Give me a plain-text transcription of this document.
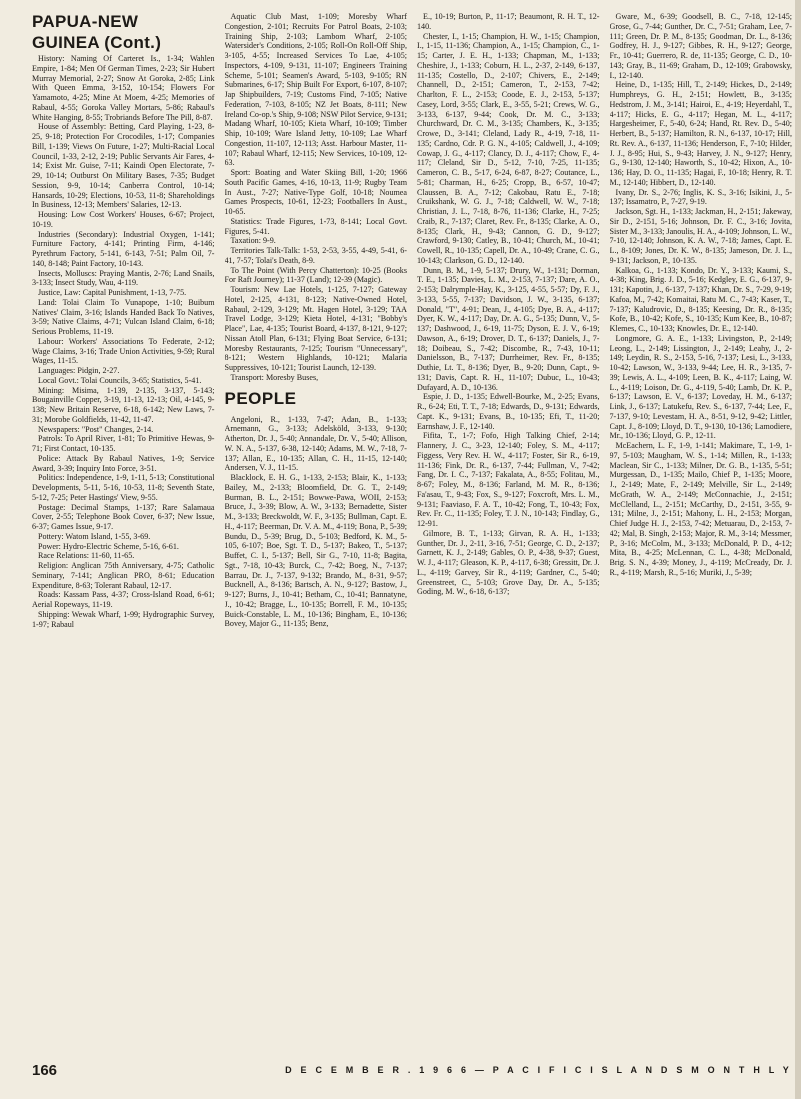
PAPUA-NEW

GUINEA (Cont.)

History: Naming Of Carteret Is., 1-34; Wahlen Empire, 1-84; Men Of German Times, 2-23; Sir Hubert Murray Memorial, 2-27; Snow At Goroka, 2-85; Link With Queen Emma, 3-152, 10-154; Flowers For Yamamoto, 4-25; Mine At Moem, 4-25; Memories of Rabaul, 4-55; Goroka Valley Mortars, 5-86; Rabaul's White Hanging, 8-55; Trobriands Before The Pill, 8-87.

House of Assembly: Betting, Card Playing, 1-23, 8-25, 9-18; Protection For Crocodiles, 1-17; Companies Bill, 1-139; Views On Future, 1-27; Multi-Racial Local Council, 1-33, 2-12, 2-19; Public Servants Air Fares, 4-14; Exist Mr. Guise, 7-11; Kaindi Open Electorate, 7-29, 10-14; Outburst On Military Bases, 7-35; Budget Session, 9-9, 10-14; Canberra Control, 10-14; Hansards, 10-29; Elections, 10-53, 11-8; Shareholdings In Business, 12-13; Members' Salaries, 12-13.

Housing: Low Cost Workers' Houses, 6-67; Project, 10-19.

Industries (Secondary): Industrial Oxygen, 1-141; Furniture Factory, 4-141; Printing Firm, 4-146; Pyrethrum Factory, 5-141, 6-143, 7-51; Palm Oil, 7-140, 8-148; Paint Factory, 10-143.

Insects, Molluscs: Praying Mantis, 2-76; Land Snails, 3-133; Insect Study, Wau, 4-119.

Justice, Law: Capital Punishment, 1-13, 7-75.

Land: Tolai Claim To Vunapope, 1-10; Buibum Natives' Claim, 3-16; Islands Handed Back To Natives, 3-59; Native Claims, 4-71; Vulcan Island Claim, 6-18; Serious Problems, 11-19.

Labour: Workers' Associations To Federate, 2-12; Wage Claims, 3-16; Trade Union Activities, 9-59; Rural Wages, 11-15.

Languages: Pidgin, 2-27.

Local Govt.: Tolai Councils, 3-65; Statistics, 5-41.

Mining: Misima, 1-139, 2-135, 3-137, 5-143; Bougainville Copper, 3-19, 11-13, 12-13; Oil, 4-145, 9-138; New Britain Reserve, 6-18, 6-142; New Laws, 7-31; Morobe Goldfields, 11-42, 11-47.

Newspapers: "Post" Changes, 2-14.

Patrols: To April River, 1-81; To Primitive Hewas, 9-71; First Contact, 10-135.

Police: Attack By Rabaul Natives, 1-9; Service Award, 3-39; Inquiry Into Force, 3-51.

Politics: Independence, 1-9, 1-11, 5-13; Constitutional Developments, 5-11, 5-16, 10-53, 11-8; Seventh State, 5-12, 7-25; Peter Hastings' View, 9-55.

Postage: Decimal Stamps, 1-137; Rare Salamaua Cover, 2-55; Telephone Book Cover, 6-37; New Issue, 6-37; Games Issue, 9-17.

Pottery: Watom Island, 1-55, 3-69.

Power: Hydro-Electric Scheme, 5-16, 6-61.

Race Relations: 11-60, 11-65.

Religion: Anglican 75th Anniversary, 4-75; Catholic Seminary, 7-141; Anglican PRO, 8-61; Education Expenditure, 8-63; Tolerant Rabaul, 12-17.

Roads: Kassam Pass, 4-37; Cross-Island Road, 6-61; Aerial Ropeways, 11-19.

Shipping: Wewak Wharf, 1-99; Hydrographic Survey, 1-97; Rabaul

Aquatic Club Mast, 1-109; Moresby Wharf Congestion, 2-101; Recruits For Patrol Boats, 2-103; Training Ship, 2-103; Lambom Wharf, 2-105; Watersider's Conditions, 2-105; Roll-On Roll-Off Ship, 3-105, 4-55; Increased Services To Lae, 4-105; Inspectors, 4-109, 9-131, 11-107; Engineers Training Scheme, 5-101; Seamen's Award, 5-103, 9-105; RN Submarines, 6-17; Ship Built For Export, 6-107, 8-107; Jap Shipbuilders, 7-19; Customs Find, 7-105; Native Federation, 7-103, 8-105; NZ Jet Boats, 8-111; New Ireland Co-op.'s Ship, 9-108; NSW Pilot Service, 9-131; Madang Wharf, 10-105; Kieta Wharf, 10-109; Timber Ship, 10-109; Ware Island Jetty, 10-109; Lae Wharf Congestion, 11-107, 12-113; Asst. Harbour Master, 11-107; Rabaul Wharf, 12-115; New Services, 10-109, 12-63.

Sport: Boating and Water Skiing Bill, 1-20; 1966 South Pacific Games, 4-16, 10-13, 11-9; Rugby Team In Aust., 7-27; Native-Type Golf, 10-18; Noumea Games Prospects, 10-61, 12-23; Footballers In Aust., 10-65.

Statistics: Trade Figures, 1-73, 8-141; Local Govt. Figures, 5-41.

Taxation: 9-9.

Territories Talk-Talk: 1-53, 2-53, 3-55, 4-49, 5-41, 6-41, 7-57; Tolai's Death, 8-9.

To The Point (With Percy Chatterton): 10-25 (Books For Raft Journey); 11-37 (Land); 12-39 (Magic).

Tourism: New Lae Hotels, 1-125, 7-127; Gateway Hotel, 2-125, 4-131, 8-123; Native-Owned Hotel, Rabaul, 2-129, 3-129; Mt. Hagen Hotel, 3-129; TAA Travel Lodge, 3-129; Kieta Hotel, 4-131; "Bobby's Place", Lae, 4-135; Tourist Board, 4-137, 8-121, 9-127; Nissan Atoll Plan, 6-131; Flying Boat Service, 6-131; Moresby Restaurants, 7-125; Tourism "Unnecessary", 8-121; Western Highlands, 10-121; Malaria Suppressives, 10-121; Tourist Launch, 12-139.

Transport: Moresby Buses,

PEOPLE

Angeloni, R., 1-133, 7-47; Adan, B., 1-133; Arnemann, G., 3-133; Adelsköld, 3-133, 9-130; Atherton, Dr. J., 5-40; Annandale, Dr. V., 5-40; Allison, W. N. A., 5-137, 6-38, 12-140; Adams, M. W., 7-18, 7-137; Allan, E., 10-135; Allan, C. H., 11-15, 12-140; Andersen, V. J., 11-15.

Blacklock, E. H. G., 1-133, 2-153; Blair, K., 1-133; Bailey, M., 2-133; Bloomfield, Dr. G. T., 2-149; Burman, B. L., 2-151; Bowwe-Pawa, WOII, 2-153; Bruce, J., 3-39; Blow, A. W., 3-133; Bernadette, Sister M., 3-133; Breckwoldt, W. F., 3-135; Bullman, Capt. E. H., 4-117; Beerman, Dr. V. A. M., 4-119; Bona, P., 5-39; Bundu, D., 5-39; Brug, D., 5-103; Bedford, K. M., 5-105, 6-107; Boe, Sgt. T. D., 5-137; Bakeo, T., 5-137; Buffet, C. I., 5-137; Bell, Sir G., 7-10, 11-8; Bagita, Sgt., 7-18, 10-43; Burck, C., 7-42; Boeg, N., 7-137; Barrau, Dr. J., 7-137, 9-132; Brando, M., 8-31, 9-57; Bucknell, A., 8-136; Bartsch, A. N., 9-127; Bastow, J., 9-127; Burns, J., 10-41; Betham, C., 10-41; Bannatyne, J., 10-42; Bragge, L., 10-135; Borrell, F. M., 10-135; Buick-Constable, L. M., 10-136; Bingham, E., 10-136; Bovey, Major G., 11-135; Benz,

E., 10-19; Burton, P., 11-17; Beaumont, R. H. T., 12-140.

Chester, I., 1-15; Champion, H. W., 1-15; Champion, I., 1-15, 11-136; Champion, A., 1-15; Champion, C., 1-15; Carter, J. E. H., 1-133; Chapman, M., 1-133; Cheshire, J., 1-133; Coburn, H. L., 2-37, 2-149, 6-137, 11-135; Costello, D., 2-107; Chivers, E., 2-149; Channell, D., 2-151; Cameron, T., 2-153, 7-42; Charlton, F. L., 2-153; Coode, E. J., 2-153, 5-137; Casey, Lord, 3-55; Clark, E., 3-55, 5-21; Crews, W. G., 3-133, 6-137, 9-44; Cook, Dr. M. C., 3-133; Churchward, Dr. C. M., 3-135; Chambers, K., 3-135; Crowe, D., 3-141; Cleland, Lady R., 4-19, 7-18, 11-135; Cardno, Cdr. P. G. N., 4-105; Caldwell, J., 4-109; Cowap, J. G., 4-117; Clancy, D. J., 4-117; Chow, F., 4-117; Cleland, Sir D., 5-12, 7-10, 7-25, 11-135; Cameron, C. B., 5-17, 6-24, 6-87, 8-27; Coutance, L., 5-81; Charman, H., 6-25; Cropp, B., 6-57, 10-47; Claussen, B. A., 7-12; Cakobau, Ratu E., 7-18; Cruikshank, W. G. J., 7-18; Caldwell, W. W., 7-18; Christian, J. L., 7-18, 8-76, 11-136; Clarke, H., 7-25; Craib, R., 7-137; Claret, Rev. Fr., 8-135; Clarke, A. O., 8-135; Clark, H., 9-43; Cannon, G. D., 9-127; Crawford, 9-130; Catley, B., 10-41; Church, M., 10-41; Cowell, R., 10-135; Capell, Dr. A., 10-49; Crane, C. G., 10-143; Clarkson, G. D., 12-140.

Dunn, B. M., 1-9, 5-137; Drury, W., 1-131; Dorman, T. E., 1-135; Davies, L. M., 2-153, 7-137; Dare, A. O., 2-153; Dalrymple-Hay, K., 3-125, 4-55, 5-57; Dy, F. J., 3-133, 5-55, 7-137; Davidson, J. W., 3-135, 6-137; Donald, "T", 4-91; Dean, J., 4-105; Dye, B. A., 4-117; Dyer, K. W., 4-117; Day, Dr. A. G., 5-135; Dunn, V., 5-137; Dashwood, J., 6-19, 11-75; Dyson, E. J. V., 6-19; Dawson, A., 6-19; Drover, D. T., 6-137; Daniels, J., 7-18; Doibeau, S., 7-42; Discombe, R., 7-43, 10-11; Danielsson, B., 7-137; Durrheimer, Rev. Fr., 8-135; Duthie, Lt. T., 8-136; Dyer, B., 9-20; Dunn, Capt., 9-131; Davis, Capt. R. H., 11-107; Dubuc, L., 10-43; Dufayard, A. D., 10-136.

Espie, J. D., 1-135; Edwell-Bourke, M., 2-25; Evans, R., 6-24; Eti, T. T., 7-18; Edwards, D., 9-131; Edwards, Capt. K., 9-131; Evans, B., 10-135; Efi, T., 11-20; Earnshaw, J. F., 12-140.

Fifita, T., 1-7; Fofo, High Talking Chief, 2-14; Flannery, J. C., 3-23, 12-140; Foley, S. M., 4-117; Figgess, Very Rev. H. W., 4-117; Foster, Sir R., 6-19, 11-136; Fink, Dr. R., 6-137, 7-44; Fullman, V., 7-42; Fang, Dr. I. C., 7-137; Fakalata, A., 8-55; Folitau, M., 8-67; Foley, M., 8-136; Farland, M. M. R., 8-136; Fa'asau, T., 9-43; Fox, S., 9-127; Foxcroft, Mrs. L. M., 9-131; Faaviaso, F. A. T., 10-42; Fong, T., 10-43; Fox, Rev. Fr. C., 11-135; Foley, T. J. N., 10-143; Findlay, G., 12-91.

Gilmore, B. T., 1-133; Girvan, R. A. H., 1-133; Gunther, Dr. J., 2-11, 3-16, 7-51; George, C. D., 2-137; Garnett, K. J., 2-149; Gables, O. P., 4-38, 9-37; Guest, W. J., 4-117; Gleason, K. P., 4-117, 6-38; Gressitt, Dr. J. L., 4-119; Garvey, Sir R., 4-119; Gardner, C., 5-40; Greenstreet, C., 5-103; Grove Day, Dr. A., 5-135; Goding, M. W., 6-18, 6-137;

Gware, M., 6-39; Goodsell, B. C., 7-18, 12-145; Grose, G., 7-44; Gunther, Dr. C., 7-51; Graham, Lee, 7-111; Green, Dr. P. M., 8-135; Goodman, Dr. L., 8-136; Godfrey, H. J., 9-127; Gibbes, R. H., 9-127; George, Fr., 10-41; Guerrero, R. de, 11-135; George, C. D., 10-143; Gray, B., 11-69; Graham, D., 12-109; Grabowsky, I., 12-140.

Heine, D., 1-135; Hill, T., 2-149; Hickes, D., 2-149; Humphreys, G. H., 2-151; Howlett, B., 3-135; Hedstrom, J. M., 3-141; Hairoi, E., 4-19; Heyerdahl, T., 4-117; Hicks, E. G., 4-117; Hegan, M. L., 4-117; Hargesheimer, F., 5-40, 6-24; Hand, Rt. Rev. D., 5-40; Herbert, B., 5-137; Hamilton, R. N., 6-137, 10-17; Hill, Rt. Rev. A., 6-137, 11-136; Henderson, F., 7-10; Hilder, J. J., 8-95; Hui, S., 9-43; Harvey, J. N., 9-127; Henry, G., 9-130, 12-140; Haworth, S., 10-42; Hixon, A., 10-136; Hay, D. O., 11-135; Hagai, F., 10-18; Henry, R. T. M., 12-140; Hibbert, D., 12-140.

Ivany, Dr. S., 2-76; Inglis, K. S., 3-16; Isikini, J., 5-137; Issamatro, P., 7-27, 9-19.

Jackson, Sgt. H., 1-133; Jackman, H., 2-151; Jakeway, Sir D., 2-151, 5-16; Johnson, Dr. F. C., 3-16; Jovita, Sister M., 3-133; Janoulis, H. A., 4-109; Johnson, L. W., 7-10, 12-140; Johnson, K. A. W., 7-18; James, Capt. E. L., 8-109; Jones, Dr. K. W., 8-135; Jameson, Dr. J. L., 9-131; Jackson, P., 10-135.

Kalkoa, G., 1-133; Kondo, Dr. Y., 3-133; Kaumi, S., 4-38; King, Brig. J. D., 5-16; Kedgley, E. G., 6-137, 9-131; Kapotin, J., 6-137, 7-137; Khan, Dr. S., 7-29, 9-19; Kafoa, M., 7-42; Komaitai, Ratu M. C., 7-43; Kaser, T., 7-137; Kaludrovic, D., 8-135; Keesing, Dr. R., 8-135; Kofe, B., 10-42; Kofe, S., 10-135; Kum Kee, B., 10-87; Klemes, C., 10-133; Knowles, Dr. E., 12-140.

Longmore, G. A. E., 1-133; Livingston, P., 2-149; Leong, L., 2-149; Lissington, J., 2-149; Leahy, J., 2-149; Leydin, R. S., 2-153, 5-16, 7-137; Lesi, L., 3-133, 10-42; Lawson, W., 3-133, 9-44; Lee, H. R., 3-135, 7-39; Lewis, A. L., 4-109; Leen, B. K., 4-117; Laing, W. L., 4-119; Loison, Dr. G., 4-119, 5-40; Lamb, Dr. K. P., 6-137; Lawson, E. V., 6-137; Loveday, H. M., 6-137; Link, J., 6-137; Latukefu, Rev. S., 6-137, 7-44; Lee, F., 7-137, 9-10; Levestam, H. A., 8-51, 9-12, 9-42; Littler, Capt. J., 8-109; Lloyd, D. T., 9-130, 10-136; Lamodiere, Mr., 10-136; Lloyd, G. P., 12-11.

McEachern, L. F., 1-9, 1-141; Makimare, T., 1-9, 1-97, 5-103; Maugham, W. S., 1-14; Millen, R., 1-133; Maclean, Sir C., 1-133; Milner, Dr. G. B., 1-135, 5-51; Murgessan, D., 1-135; Mailo, Chief P., 1-135; Moore, J., 2-149; Mate, F., 2-149; Melville, Sir L., 2-149; McGrath, W. A., 2-149; McConnachie, J., 2-151; McClelland, L., 2-151; McCarthy, D., 2-151, 3-55, 9-131; Milne, J., 2-151; Mahony, L. H., 2-153; Morgan, Chief Judge H. J., 2-153, 7-42; Metuarau, D., 2-153, 7-42; Mal, B. Singh, 2-153; Major, R. M., 3-14; Messmer, P., 3-16; McColm, M., 3-133; McDonald, P. D., 4-12; Mita, B., 4-25; McLennan, C. L., 4-38; McDonald, Brig. S. N., 4-39; Money, J., 4-119; McCready, Dr. J. R., 4-119; Marsh, R., 5-16; Muriki, J., 5-39;

166	D E C E M B E R . 1 9 6 6 — P A C I F I C I S L A N D S M O N T H L Y
